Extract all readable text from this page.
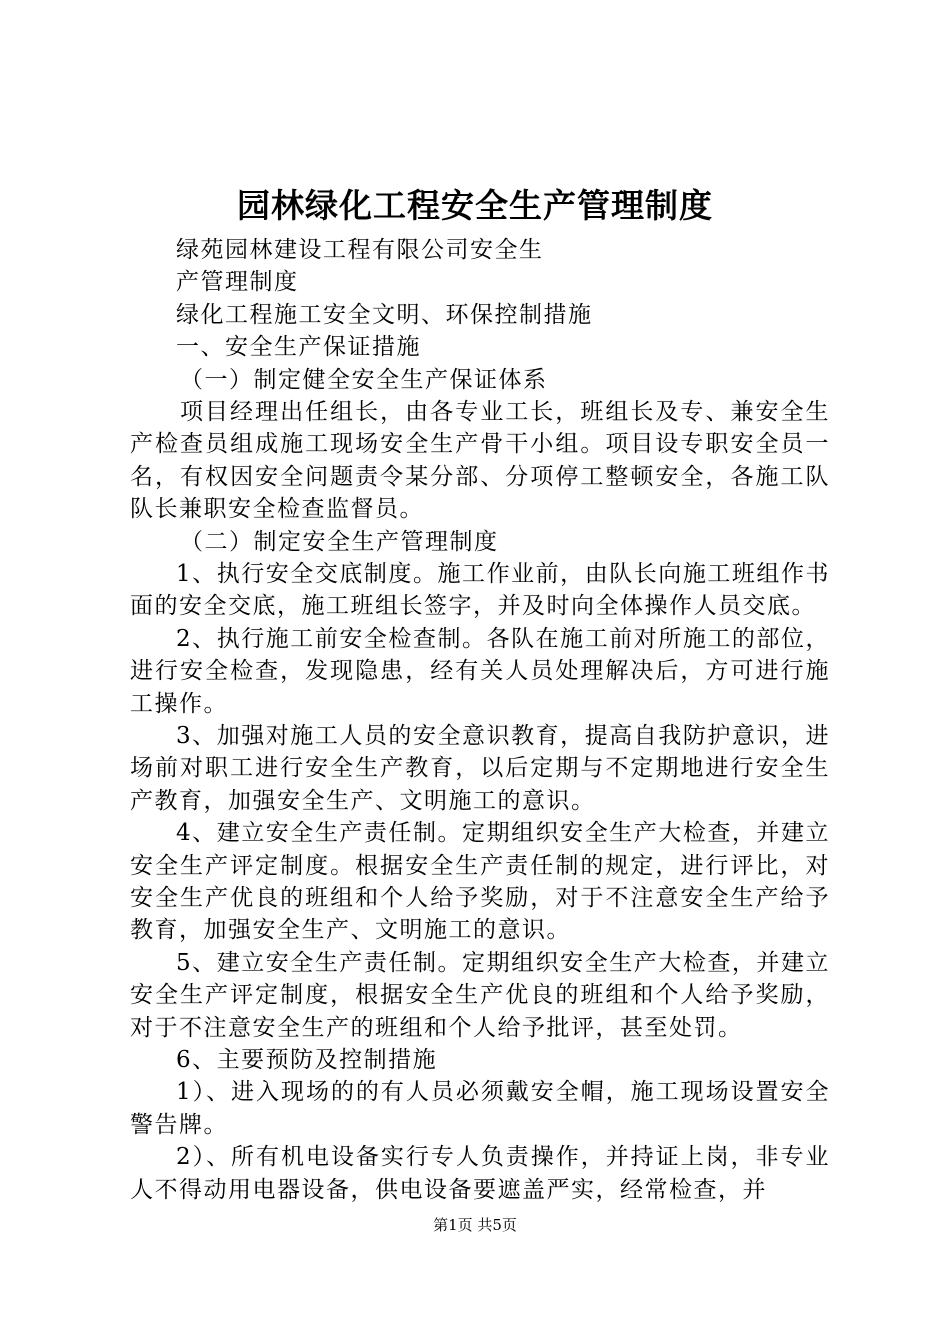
园林绿化工程安全生产管理制度
绿苑园林建设工程有限公司安全生
产管理制度
绿化工程施工安全文明、环保控制措施
一、安全生产保证措施
（一）制定健全安全生产保证体系

项目经理出任组长，由各专业工长，班组长及专、兼安全生产检查员组成施工现场安全生产骨干小组。项目设专职安全员一名，有权因安全问题责令某分部、分项停工整顿安全，各施工队队长兼职安全检查监督员。

（二）制定安全生产管理制度

1、执行安全交底制度。施工作业前，由队长向施工班组作书面的安全交底，施工班组长签字，并及时向全体操作人员交底。

2、执行施工前安全检查制。各队在施工前对所施工的部位，进行安全检查，发现隐患，经有关人员处理解决后，方可进行施工操作。

3、加强对施工人员的安全意识教育，提高自我防护意识，进场前对职工进行安全生产教育，以后定期与不定期地进行安全生产教育，加强安全生产、文明施工的意识。

4、建立安全生产责任制。定期组织安全生产大检查，并建立安全生产评定制度。根据安全生产责任制的规定，进行评比，对安全生产优良的班组和个人给予奖励，对于不注意安全生产给予教育，加强安全生产、文明施工的意识。

5、建立安全生产责任制。定期组织安全生产大检查，并建立安全生产评定制度，根据安全生产优良的班组和个人给予奖励，对于不注意安全生产的班组和个人给予批评，甚至处罚。

6、主要预防及控制措施

1）、进入现场的的有人员必须戴安全帽，施工现场设置安全警告牌。

2）、所有机电设备实行专人负责操作，并持证上岗，非专业人不得动用电器设备，供电设备要遮盖严实，经常检查，并

第1页 共5页
